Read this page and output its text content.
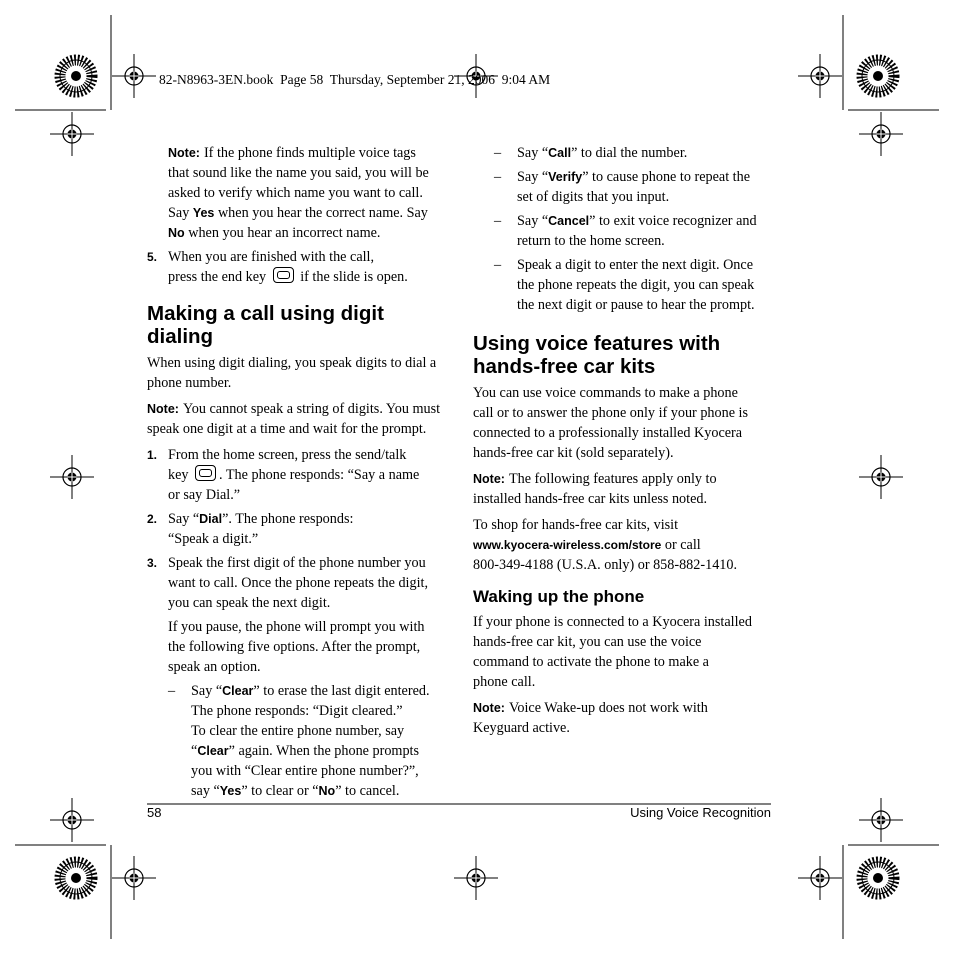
82-N8963-3EN.book  Page 58  Thursday, September 21, 2006  9:04 AM
Note: If the phone finds multiple voice tags
that sound like the name you said, you will be
asked to verify which name you want to call.
Say Yes when you hear the correct name. Say
No when you hear an incorrect name.
5. When you are finished with the call,
press the end key  if the slide is open.
Making a call using digit dialing
When using digit dialing, you speak digits to dial a
phone number.
Note: You cannot speak a string of digits. You must
speak one digit at a time and wait for the prompt.
1. From the home screen, press the send/talk
key . The phone responds: “Say a name
or say Dial.”
2. Say “Dial”. The phone responds:
“Speak a digit.”
3. Speak the first digit of the phone number you
want to call. Once the phone repeats the digit,
you can speak the next digit.
If you pause, the phone will prompt you with
the following five options. After the prompt,
speak an option.
– Say “Clear” to erase the last digit entered.
The phone responds: “Digit cleared.”
To clear the entire phone number, say
“Clear” again. When the phone prompts
you with “Clear entire phone number?”,
say “Yes” to clear or “No” to cancel.
– Say “Call” to dial the number.
– Say “Verify” to cause phone to repeat the
set of digits that you input.
– Say “Cancel” to exit voice recognizer and
return to the home screen.
– Speak a digit to enter the next digit. Once
the phone repeats the digit, you can speak
the next digit or pause to hear the prompt.
Using voice features with
hands-free car kits
You can use voice commands to make a phone
call or to answer the phone only if your phone is
connected to a professionally installed Kyocera
hands-free car kit (sold separately).
Note: The following features apply only to
installed hands-free car kits unless noted.
To shop for hands-free car kits, visit
www.kyocera-wireless.com/store or call
800-349-4188 (U.S.A. only) or 858-882-1410.
Waking up the phone
If your phone is connected to a Kyocera installed
hands-free car kit, you can use the voice
command to activate the phone to make a
phone call.
Note: Voice Wake-up does not work with
Keyguard active.
58	Using Voice Recognition
